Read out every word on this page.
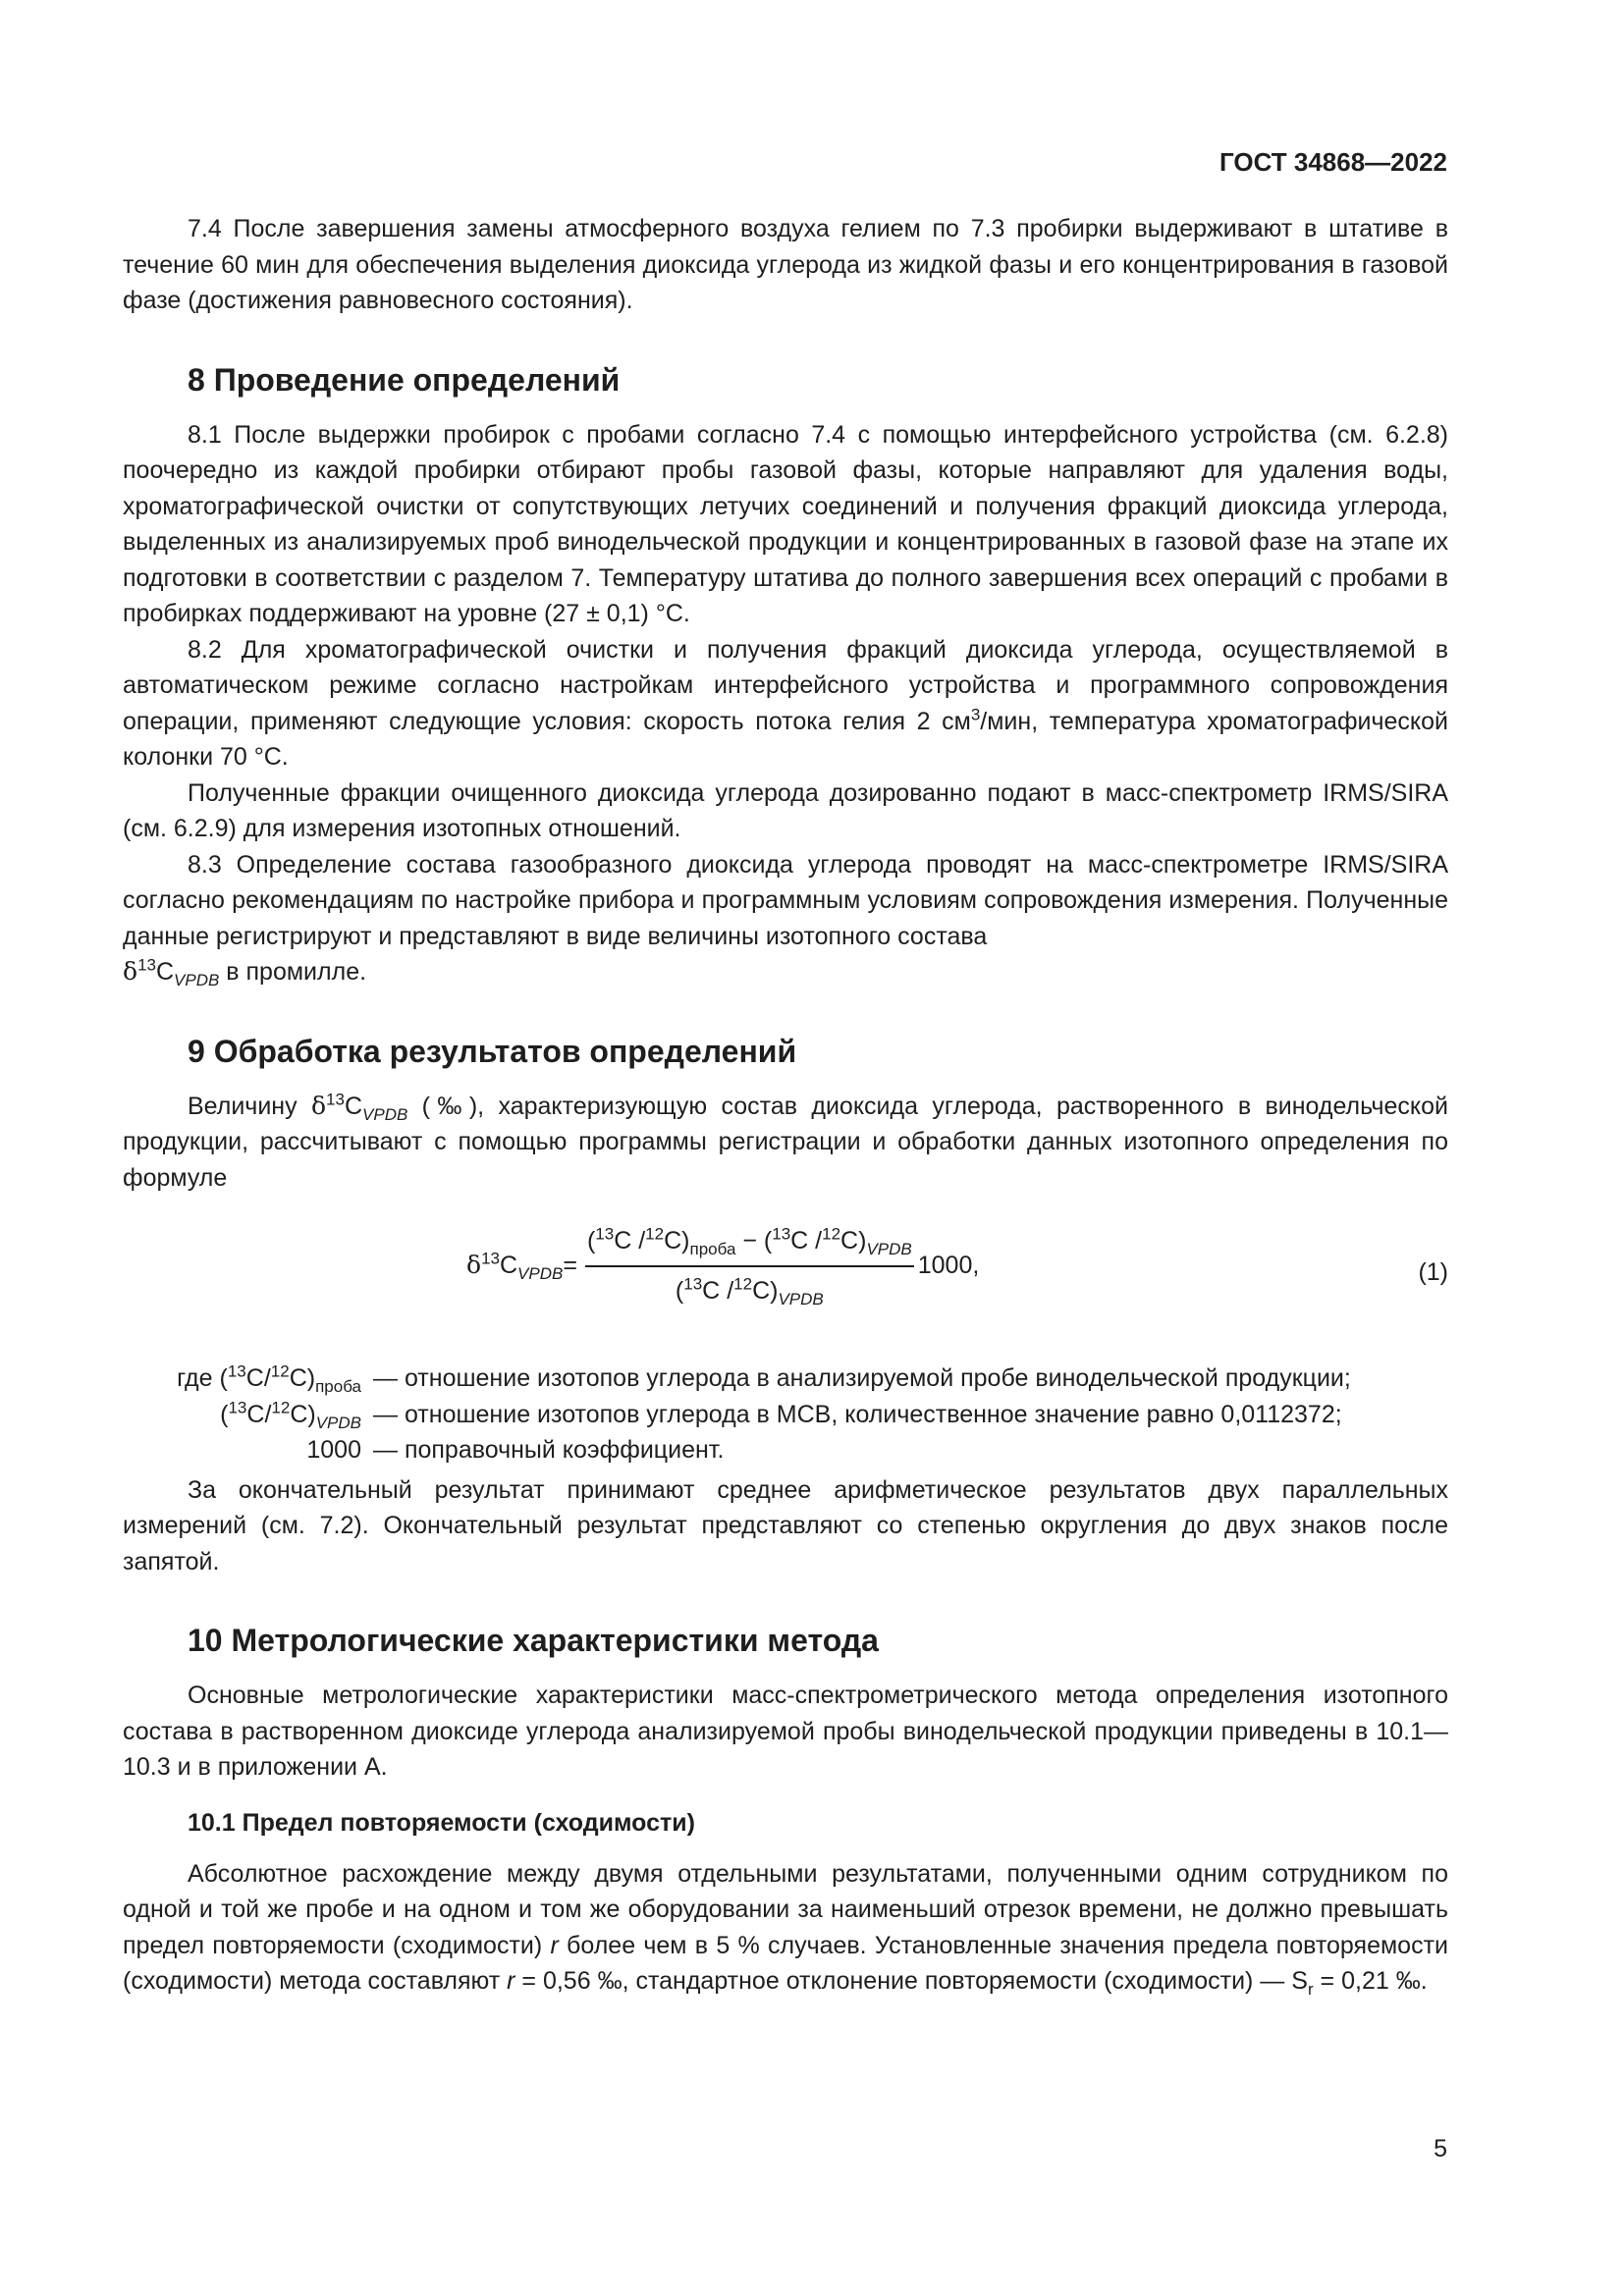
ГОСТ 34868—2022

7.4 После завершения замены атмосферного воздуха гелием по 7.3 пробирки выдерживают в штативе в течение 60 мин для обеспечения выделения диоксида углерода из жидкой фазы и его концентрирования в газовой фазе (достижения равновесного состояния).

8 Проведение определений

8.1 После выдержки пробирок с пробами согласно 7.4 с помощью интерфейсного устройства (см. 6.2.8) поочередно из каждой пробирки отбирают пробы газовой фазы, которые направляют для удаления воды, хроматографической очистки от сопутствующих летучих соединений и получения фракций диоксида углерода, выделенных из анализируемых проб винодельческой продукции и концентрированных в газовой фазе на этапе их подготовки в соответствии с разделом 7. Температуру штатива до полного завершения всех операций с пробами в пробирках поддерживают на уровне (27 ± 0,1) °C.

8.2 Для хроматографической очистки и получения фракций диоксида углерода, осуществляемой в автоматическом режиме согласно настройкам интерфейсного устройства и программного сопровождения операции, применяют следующие условия: скорость потока гелия 2 $см^3$/мин, температура хроматографической колонки 70 °C.

Полученные фракции очищенного диоксида углерода дозированно подают в масс-спектрометр IRMS/SIRA (см. 6.2.9) для измерения изотопных отношений.

8.3 Определение состава газообразного диоксида углерода проводят на масс-спектрометре IRMS/SIRA согласно рекомендациям по настройке прибора и программным условиям сопровождения измерения. Полученные данные регистрируют и представляют в виде величины изотопного состава
$\delta^{13}C_{VPDB}$ в промилле.

9 Обработка результатов определений

Величину $\delta^{13}C_{VPDB}$ (‰), характеризующую состав диоксида углерода, растворенного в винодельческой продукции, рассчитывают с помощью программы регистрации и обработки данных изотопного определения по формуле

$\delta^{13}C_{VPDB} = \frac{(^{13}C /^{12}C)_{проба} - (^{13}C /^{12}C)_{VPDB}}{(^{13}C /^{12}C)_{VPDB}} 1000$,	(1)
где $(^{13}C/^{12}C)_{проба}$	— отношение изотопов углерода в анализируемой пробе винодельческой продукции;
$(^{13}C/^{12}C)_{VPDB}$	— отношение изотопов углерода в МСВ, количественное значение равно 0,0112372;
1000	— поправочный коэффициент.

За окончательный результат принимают среднее арифметическое результатов двух параллельных измерений (см. 7.2). Окончательный результат представляют со степенью округления до двух знаков после запятой.

10 Метрологические характеристики метода

Основные метрологические характеристики масс-спектрометрического метода определения изотопного состава в растворенном диоксиде углерода анализируемой пробы винодельческой продукции приведены в 10.1—10.3 и в приложении А.

10.1 Предел повторяемости (сходимости)

Абсолютное расхождение между двумя отдельными результатами, полученными одним сотрудником по одной и той же пробе и на одном и том же оборудовании за наименьший отрезок времени, не должно превышать предел повторяемости (сходимости) r более чем в 5 % случаев. Установленные значения предела повторяемости (сходимости) метода составляют r = 0,56 ‰, стандартное отклонение повторяемости (сходимости) — $S_r = 0,21$ ‰.

5
